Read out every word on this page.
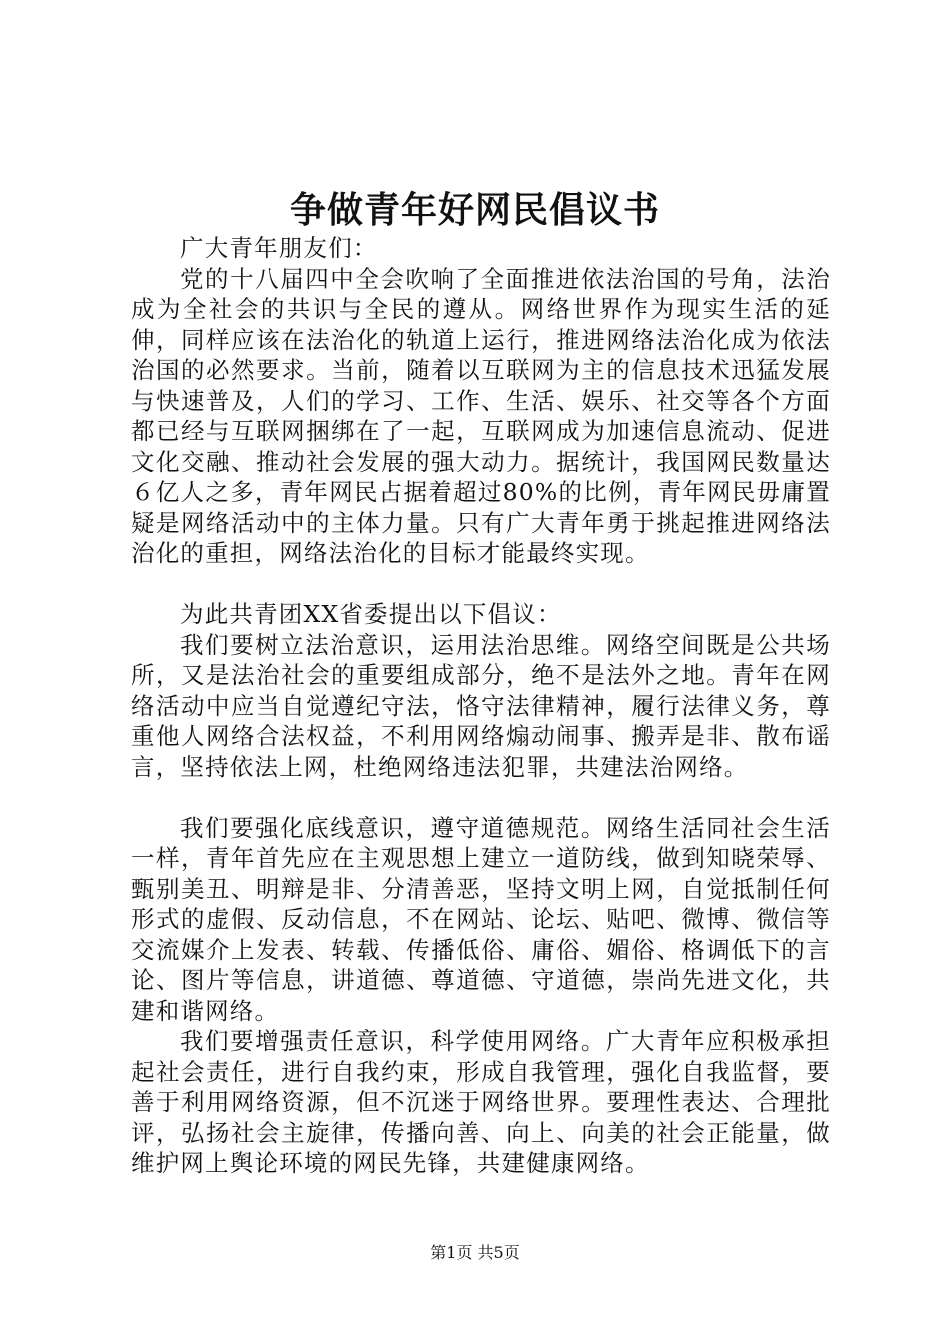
争做青年好网民倡议书

广大青年朋友们：

党的十八届四中全会吹响了全面推进依法治国的号角，法治成为全社会的共识与全民的遵从。网络世界作为现实生活的延伸，同样应该在法治化的轨道上运行，推进网络法治化成为依法治国的必然要求。当前，随着以互联网为主的信息技术迅猛发展与快速普及，人们的学习、工作、生活、娱乐、社交等各个方面都已经与互联网捆绑在了一起，互联网成为加速信息流动、促进文化交融、推动社会发展的强大动力。据统计，我国网民数量达６亿人之多，青年网民占据着超过80%的比例，青年网民毋庸置疑是网络活动中的主体力量。只有广大青年勇于挑起推进网络法治化的重担，网络法治化的目标才能最终实现。

为此共青团XX省委提出以下倡议：

我们要树立法治意识，运用法治思维。网络空间既是公共场所，又是法治社会的重要组成部分，绝不是法外之地。青年在网络活动中应当自觉遵纪守法，恪守法律精神，履行法律义务，尊重他人网络合法权益，不利用网络煽动闹事、搬弄是非、散布谣言，坚持依法上网，杜绝网络违法犯罪，共建法治网络。

我们要强化底线意识，遵守道德规范。网络生活同社会生活一样，青年首先应在主观思想上建立一道防线，做到知晓荣辱、甄别美丑、明辩是非、分清善恶，坚持文明上网，自觉抵制任何形式的虚假、反动信息，不在网站、论坛、贴吧、微博、微信等交流媒介上发表、转载、传播低俗、庸俗、媚俗、格调低下的言论、图片等信息，讲道德、尊道德、守道德，崇尚先进文化，共建和谐网络。

我们要增强责任意识，科学使用网络。广大青年应积极承担起社会责任，进行自我约束，形成自我管理，强化自我监督，要善于利用网络资源，但不沉迷于网络世界。要理性表达、合理批评，弘扬社会主旋律，传播向善、向上、向美的社会正能量，做维护网上舆论环境的网民先锋，共建健康网络。

第1页 共5页
